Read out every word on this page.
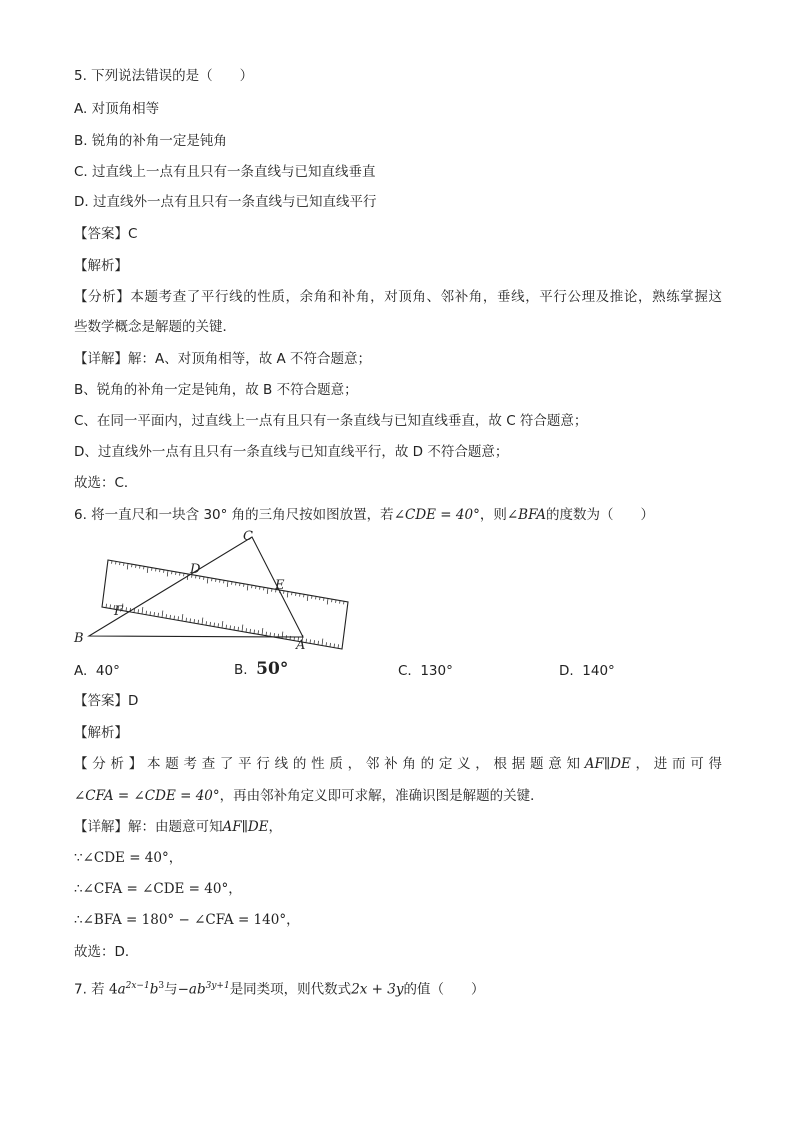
5. 下列说法错误的是（　　）
A. 对顶角相等
B. 锐角的补角一定是钝角
C. 过直线上一点有且只有一条直线与已知直线垂直
D. 过直线外一点有且只有一条直线与已知直线平行
【答案】C
【解析】
【分析】本题考查了平行线的性质，余角和补角，对顶角、邻补角，垂线，平行公理及推论，熟练掌握这
些数学概念是解题的关键．
【详解】解：A、对顶角相等，故 A 不符合题意；
B、锐角的补角一定是钝角，故 B 不符合题意；
C、在同一平面内，过直线上一点有且只有一条直线与已知直线垂直，故 C 符合题意；
D、过直线外一点有且只有一条直线与已知直线平行，故 D 不符合题意；
故选：C．
6. 将一直尺和一块含 30° 角的三角尺按如图放置，若∠CDE = 40°，则∠BFA的度数为（　　）
C
D
E
F
B	A
A. 40°	B. 50°	C. 130°	D. 140°
【答案】D
【解析】
【分析】本题考查了平行线的性质，邻补角的定义，根据题意知AF∥DE，进而可得
∠CFA = ∠CDE = 40°，再由邻补角定义即可求解，准确识图是解题的关键．
【详解】解：由题意可知AF∥DE，
∵∠CDE = 40°，
∴∠CFA = ∠CDE = 40°，
∴∠BFA = 180° − ∠CFA = 140°，
故选：D．
7. 若 $4a^{2x-1}b^3$与$-ab^{3y+1}$是同类项，则代数式2x + 3y的值（　　）
